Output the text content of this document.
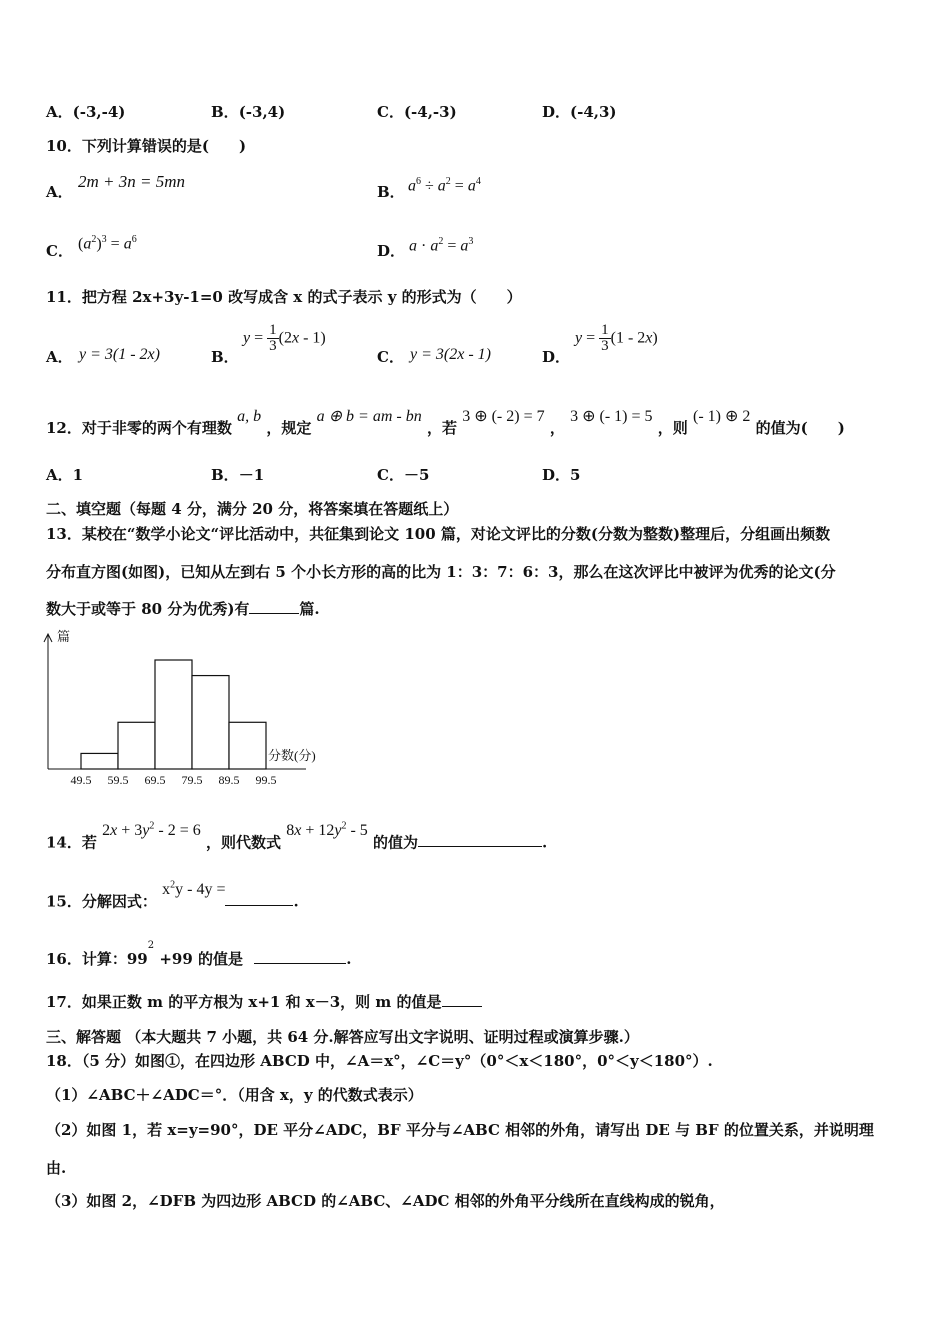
A．(-3,-4)	B．(-3,4)	C．(-4,-3)	D．(-4,3)
10．下列计算错误的是(　　)
A．
2m + 3n = 5mn
B． $a^6 \div a^2 = a^4$
C． $(a^2)^3 = a^6$
D． $a \cdot a^2 = a^3$
11．把方程 2x+3y-1=0 改写成含 x 的式子表示 y 的形式为（　　）
A． y = 3(1 - 2x)	B．
$y = \frac{1}{3} (2x - 1)$
C． y = 3(2x - 1)	D．
$y = \frac{1}{3} (1 - 2x)$
12．对于非零的两个有理数 a, b ，规定 a ⊕ b = am - bn ，若 3 ⊕ (- 2) = 7 ， 3 ⊕ (- 1) = 5 ，则 (- 1) ⊕ 2 的值为(　　)
A．1	B．－1	C．－5	D．5
二、填空题（每题 4 分，满分 20 分，将答案填在答题纸上）
13．某校在“数学小论文“评比活动中，共征集到论文 100 篇，对论文评比的分数(分数为整数)整理后，分组画出频数
分布直方图(如图)，已知从左到右 5 个小长方形的高的比为 1：3：7：6：3，那么在这次评比中被评为优秀的论文(分
数大于或等于 80 分为优秀)有	篇.
49.5 59.5 69.5 79.5 89.5 99.5
篇
分数(分)
14．若 $2x + 3y^2 - 2 = 6$ ，则代数式 $8x + 12y^2 - 5$ 的值为	.
15．分解因式： $x^2y - 4y$ =.
16．计算：$99^2 +99$ 的值是	.
17．如果正数 m 的平方根为 x+1 和 x－3，则 m 的值是
三、解答题 （本大题共 7 小题，共 64 分.解答应写出文字说明、证明过程或演算步骤.）
18．（5 分）如图①，在四边形 ABCD 中，∠A＝x°，∠C＝y°（0°＜x＜180°，0°＜y＜180°）.
（1）∠ABC＋∠ADC＝°．（用含 x，y 的代数式表示）
（2）如图 1，若 x=y=90°，DE 平分∠ADC，BF 平分与∠ABC 相邻的外角，请写出 DE 与 BF 的位置关系，并说明理
由.
（3）如图 2，∠DFB 为四边形 ABCD 的∠ABC、∠ADC 相邻的外角平分线所在直线构成的锐角，
